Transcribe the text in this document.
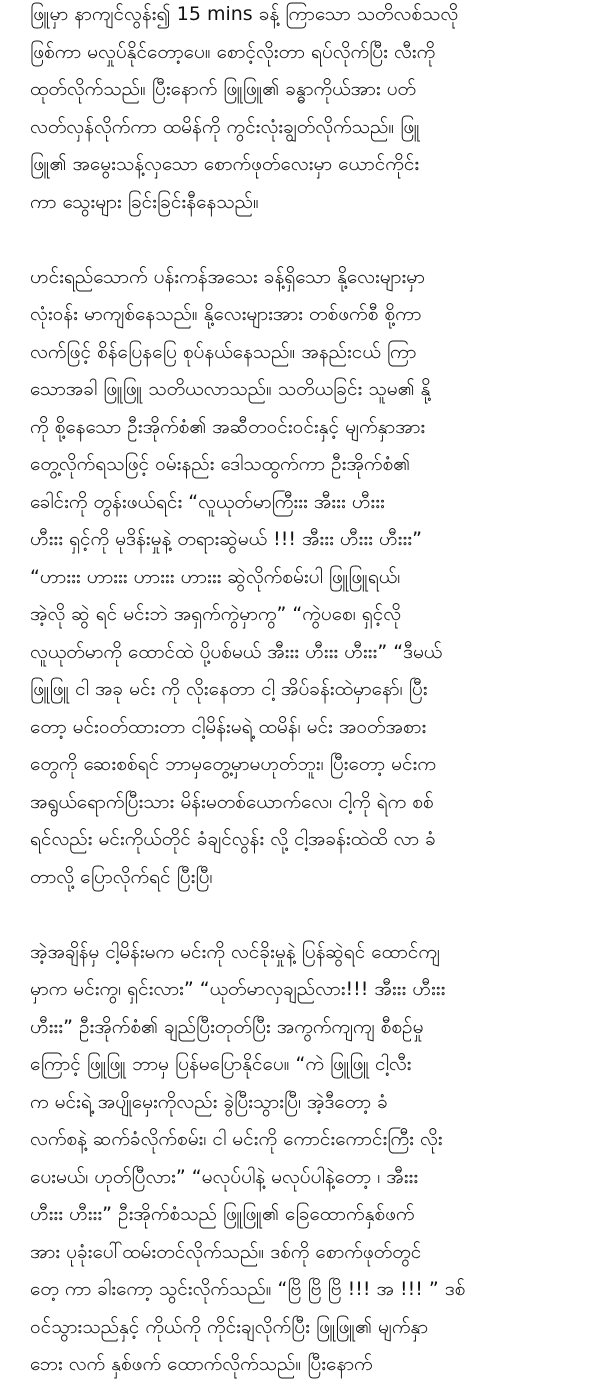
ဖြူမှာ နာကျင်လွန်း၍ 15 mins ခန့် ကြာသော သတိလစ်သလို
ဖြစ်ကာ မလှုပ်နိုင်တော့ပေ။ စောင့်လိုးတာ ရပ်လိုက်ပြီး လီးကို
ထုတ်လိုက်သည်။ ပြီးနောက် ဖြူဖြူ၏ ခန္ဓာကိုယ်အား ပတ်
လတ်လှန်လိုက်ကာ ထမိန်ကို ကွင်းလုံးချွတ်လိုက်သည်။ ဖြူ
ဖြူ၏ အမွေးသန့်လှသော စောက်ဖုတ်လေးမှာ ယောင်ကိုင်း
ကာ သွေးများ ခြင်းခြင်းနီနေသည်။
ဟင်းရည်သောက် ပန်းကန်အသေး ခန့်ရှိသော နို့လေးများမှာ
လုံးဝန်း မာကျစ်နေသည်။ နို့လေးများအား တစ်ဖက်စီ စို့ကာ
လက်ဖြင့် စိန်ပြေနပြေ စုပ်နယ်နေသည်။ အနည်းငယ် ကြာ
သောအခါ ဖြူဖြူ သတိယလာသည်။ သတိယခြင်း သူမ၏ နို့
ကို စို့နေသော ဦးအိုက်စံ၏ အဆီတဝင်းဝင်းနှင့် မျက်နှာအား
တွေ့လိုက်ရသဖြင့် ဝမ်းနည်း ဒေါသထွက်ကာ ဦးအိုက်စံ၏
ခေါင်းကို တွန်းဖယ်ရင်း “လူယုတ်မာကြီးးး အီးးး ဟီးးး
ဟီးးး ရှင့်ကို မုဒိန်းမှုနဲ့ တရားဆွဲမယ် !!! အီးးး ဟီးးး ဟီးးး”
“ဟားးး ဟားးး ဟားးး ဟားးး ဆွဲလိုက်စမ်းပါ ဖြူဖြူရယ်၊
အဲ့လို ဆွဲ ရင် မင်းဘဲ အရှက်ကွဲမှာကွ” “ကွဲပစေ၊ ရှင့်လို
လူယုတ်မာကို ထောင်ထဲ ပို့ပစ်မယ် အီးးး ဟီးးး ဟီးးး” “ဒီမယ်
ဖြူဖြူ ငါ အခု မင်း ကို လိုးနေတာ ငါ့ အိပ်ခန်းထဲမှာနော်၊ ပြီး
တော့ မင်းဝတ်ထားတာ ငါ့မိန်းမရဲ့ ထမိန်၊ မင်း အဝတ်အစား
တွေကို ဆေးစစ်ရင် ဘာမှတွေ့မှာမဟုတ်ဘူး၊ ပြီးတော့ မင်းက
အရွယ်ရောက်ပြီးသား မိန်းမတစ်ယောက်လေ၊ ငါ့ကို ရဲက စစ်
ရင်လည်း မင်းကိုယ်တိုင် ခံချင်လွန်း လို့ ငါ့အခန်းထဲထိ လာ ခံ
တာလို့ ပြောလိုက်ရင် ပြီးပြီ၊
အဲ့အချိန်မှ ငါ့မိန်းမက မင်းကို လင်ခိုးမှုနဲ့ ပြန်ဆွဲရင် ထောင်ကျ
မှာက မင်းကွ၊ ရှင်းလား” “ယုတ်မာလှချည်လား!!! အီးးး ဟီးးး
ဟီးးး” ဦးအိုက်စံ၏ ချည်ပြီးတုတ်ပြီး အကွက်ကျကျ စီစဉ်မှု
ကြောင့် ဖြူဖြူ ဘာမှ ပြန်မပြောနိုင်ပေ။ “ကဲ ဖြူဖြူ ငါ့လီး
က မင်းရဲ့ အပျိုမှေးကိုလည်း ခွဲပြီးသွားပြီ၊ အဲ့ဒီတော့ ခံ
လက်စနဲ့ ဆက်ခံလိုက်စမ်း၊ ငါ မင်းကို ကောင်းကောင်းကြီး လိုး
ပေးမယ်၊ ဟုတ်ပြီလား” “မလုပ်ပါနဲ့ မလုပ်ပါနဲ့တော့ ၊ အီးးး
ဟီးးး ဟီးးး” ဦးအိုက်စံသည် ဖြူဖြူ၏ ခြေထောက်နှစ်ဖက်
အား ပုခုံးပေါ်ထမ်းတင်လိုက်သည်။ ဒစ်ကို စောက်ဖုတ်တွင်
တေ့ ကာ ခါးကော့ သွင်းလိုက်သည်။ “ဗြိ ဗြိ ဗြိ !!! အ !!! ” ဒစ်
ဝင်သွားသည်နှင့် ကိုယ်ကို ကိုင်းချလိုက်ပြီး ဖြူဖြူ၏ မျက်နှာ
ဘေး လက် နှစ်ဖက် ထောက်လိုက်သည်။ ပြီးနောက်
